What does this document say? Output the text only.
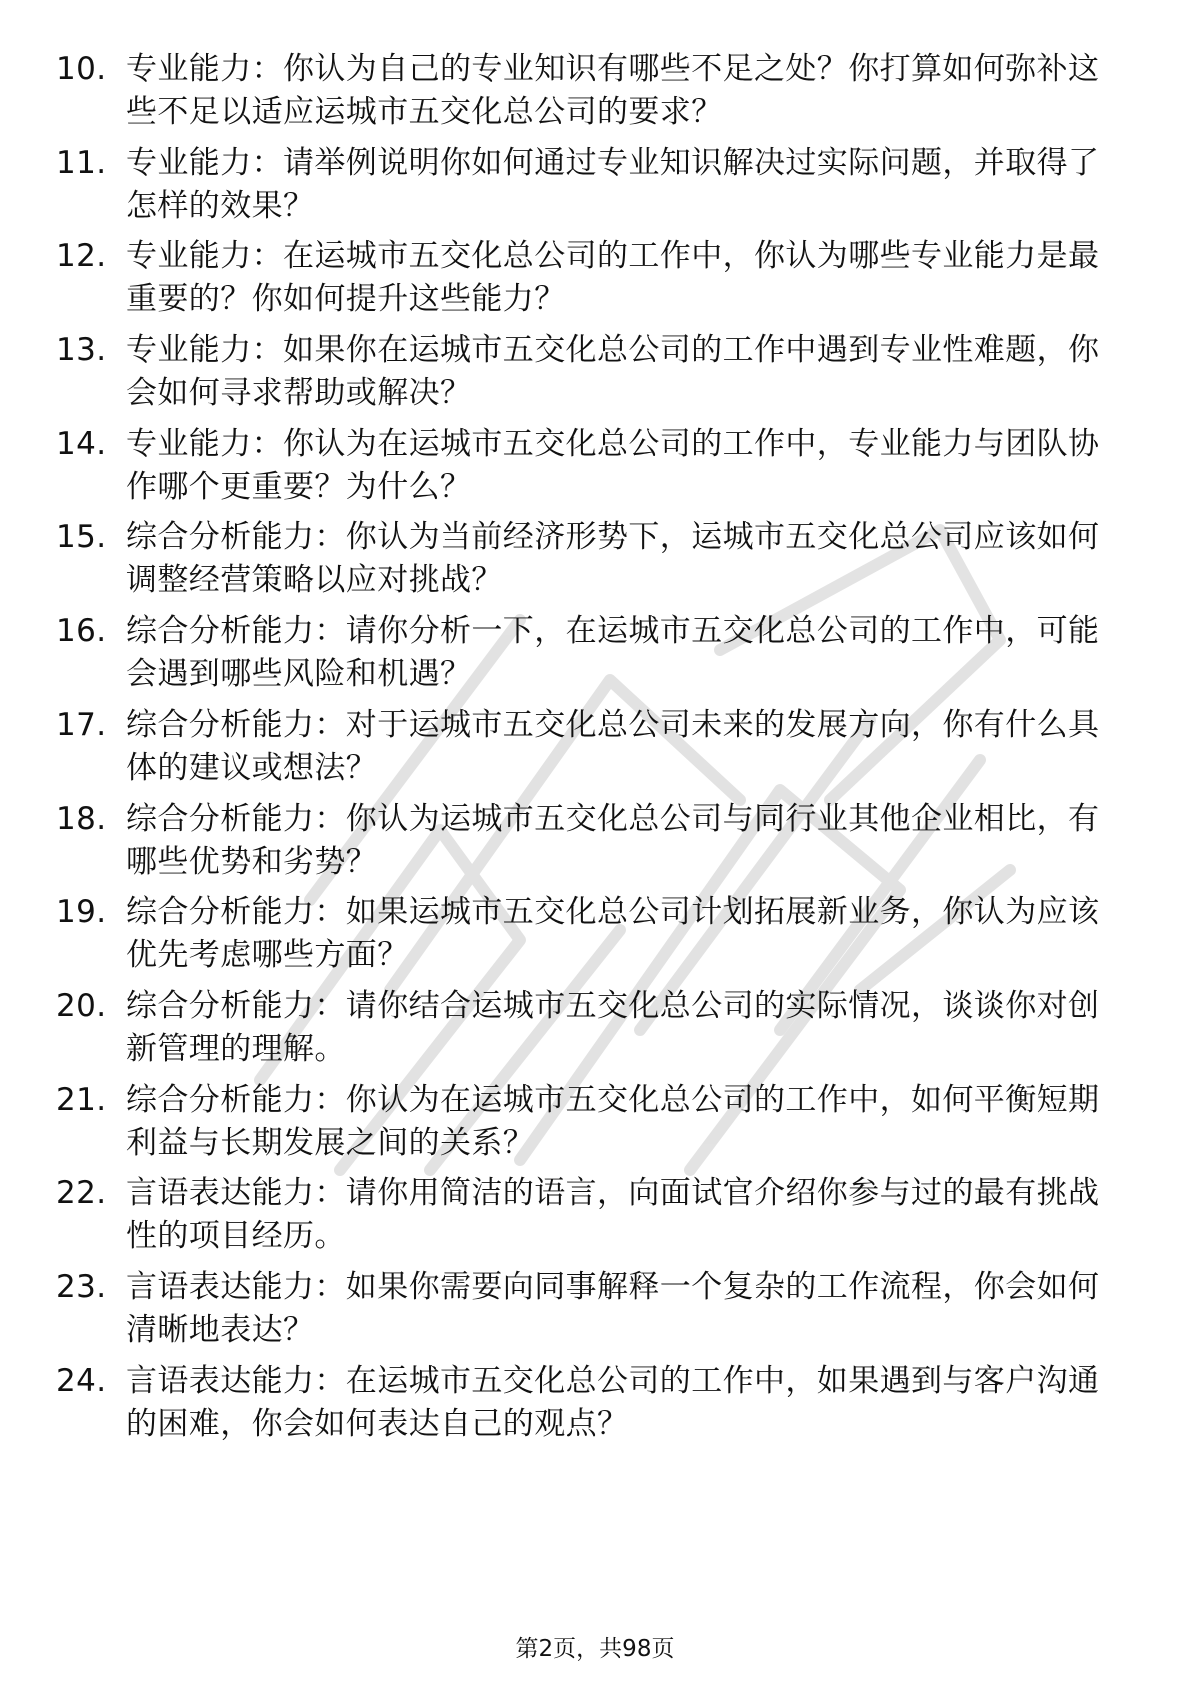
10. 专业能力：你认为自己的专业知识有哪些不足之处？你打算如何弥补这些不足以适应运城市五交化总公司的要求？
11. 专业能力：请举例说明你如何通过专业知识解决过实际问题，并取得了怎样的效果？
12. 专业能力：在运城市五交化总公司的工作中，你认为哪些专业能力是最重要的？你如何提升这些能力？
13. 专业能力：如果你在运城市五交化总公司的工作中遇到专业性难题，你会如何寻求帮助或解决？
14. 专业能力：你认为在运城市五交化总公司的工作中，专业能力与团队协作哪个更重要？为什么？
15. 综合分析能力：你认为当前经济形势下，运城市五交化总公司应该如何调整经营策略以应对挑战？
16. 综合分析能力：请你分析一下，在运城市五交化总公司的工作中，可能会遇到哪些风险和机遇？
17. 综合分析能力：对于运城市五交化总公司未来的发展方向，你有什么具体的建议或想法？
18. 综合分析能力：你认为运城市五交化总公司与同行业其他企业相比，有哪些优势和劣势？
19. 综合分析能力：如果运城市五交化总公司计划拓展新业务，你认为应该优先考虑哪些方面？
20. 综合分析能力：请你结合运城市五交化总公司的实际情况，谈谈你对创新管理的理解。
21. 综合分析能力：你认为在运城市五交化总公司的工作中，如何平衡短期利益与长期发展之间的关系？
22. 言语表达能力：请你用简洁的语言，向面试官介绍你参与过的最有挑战性的项目经历。
23. 言语表达能力：如果你需要向同事解释一个复杂的工作流程，你会如何清晰地表达？
24. 言语表达能力：在运城市五交化总公司的工作中，如果遇到与客户沟通的困难，你会如何表达自己的观点？
第2页，共98页
